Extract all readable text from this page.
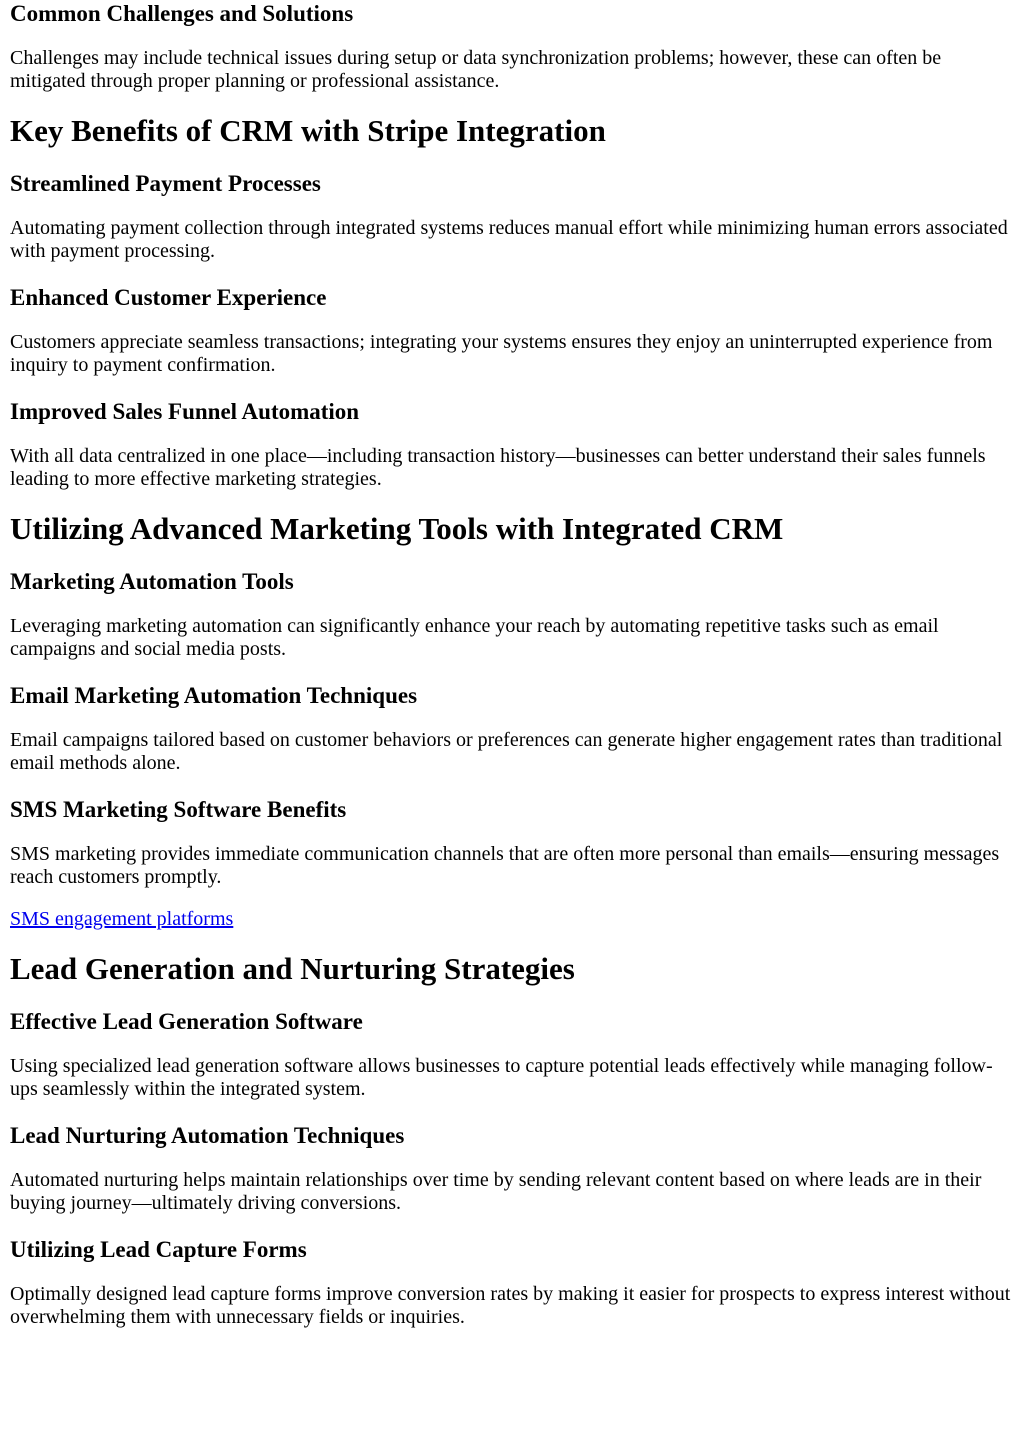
Common Challenges and Solutions

Challenges may include technical issues during setup or data synchronization problems; however, these can often be mitigated through proper planning or professional assistance.

Key Benefits of CRM with Stripe Integration
Streamlined Payment Processes

Automating payment collection through integrated systems reduces manual effort while minimizing human errors associated with payment processing.

Enhanced Customer Experience

Customers appreciate seamless transactions; integrating your systems ensures they enjoy an uninterrupted experience from inquiry to payment confirmation.

Improved Sales Funnel Automation

With all data centralized in one place—including transaction history—businesses can better understand their sales funnels leading to more effective marketing strategies.

Utilizing Advanced Marketing Tools with Integrated CRM
Marketing Automation Tools

Leveraging marketing automation can significantly enhance your reach by automating repetitive tasks such as email campaigns and social media posts.

Email Marketing Automation Techniques

Email campaigns tailored based on customer behaviors or preferences can generate higher engagement rates than traditional email methods alone.

SMS Marketing Software Benefits

SMS marketing provides immediate communication channels that are often more personal than emails—ensuring messages reach customers promptly.

SMS engagement platforms
Lead Generation and Nurturing Strategies
Effective Lead Generation Software

Using specialized lead generation software allows businesses to capture potential leads effectively while managing follow-ups seamlessly within the integrated system.

Lead Nurturing Automation Techniques

Automated nurturing helps maintain relationships over time by sending relevant content based on where leads are in their buying journey—ultimately driving conversions.

Utilizing Lead Capture Forms

Optimally designed lead capture forms improve conversion rates by making it easier for prospects to express interest without overwhelming them with unnecessary fields or inquiries.
